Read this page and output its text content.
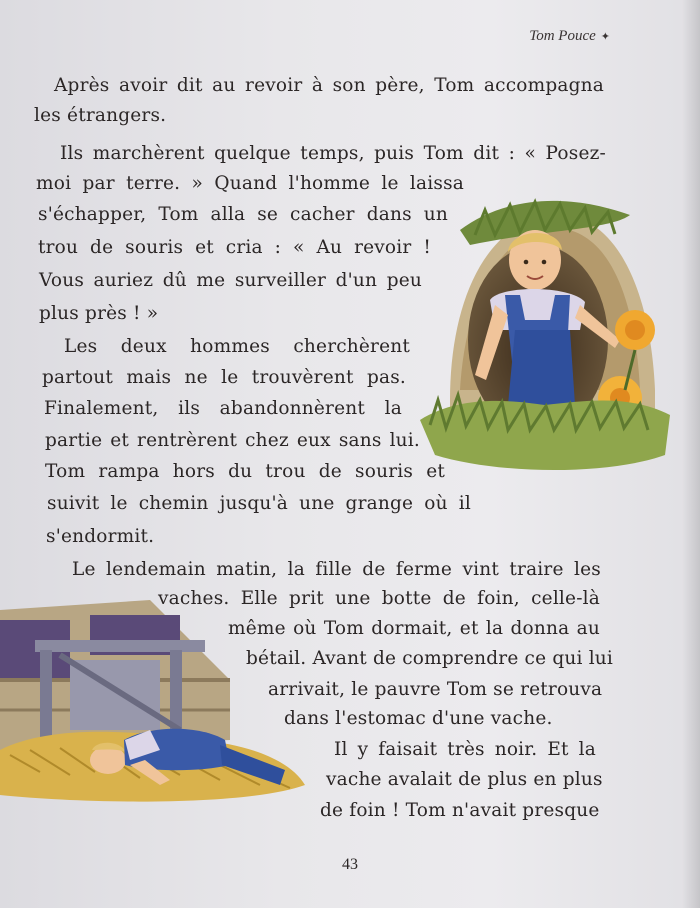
Tom Pouce ✦
Après avoir dit au revoir à son père, Tom accompagna
les étrangers.
Ils marchèrent quelque temps, puis Tom dit : « Posez-
moi par terre. » Quand l'homme le laissa
s'échapper, Tom alla se cacher dans un
trou de souris et cria : « Au revoir !
Vous auriez dû me surveiller d'un peu
plus près ! »
Les deux hommes cherchèrent
partout mais ne le trouvèrent pas.
Finalement, ils abandonnèrent la
partie et rentrèrent chez eux sans lui.
Tom rampa hors du trou de souris et
suivit le chemin jusqu'à une grange où il
s'endormit.
Le lendemain matin, la fille de ferme vint traire les
vaches. Elle prit une botte de foin, celle-là
même où Tom dormait, et la donna au
bétail. Avant de comprendre ce qui lui
arrivait, le pauvre Tom se retrouva
dans l'estomac d'une vache.
Il y faisait très noir. Et la
vache avalait de plus en plus
de foin ! Tom n'avait presque
43
